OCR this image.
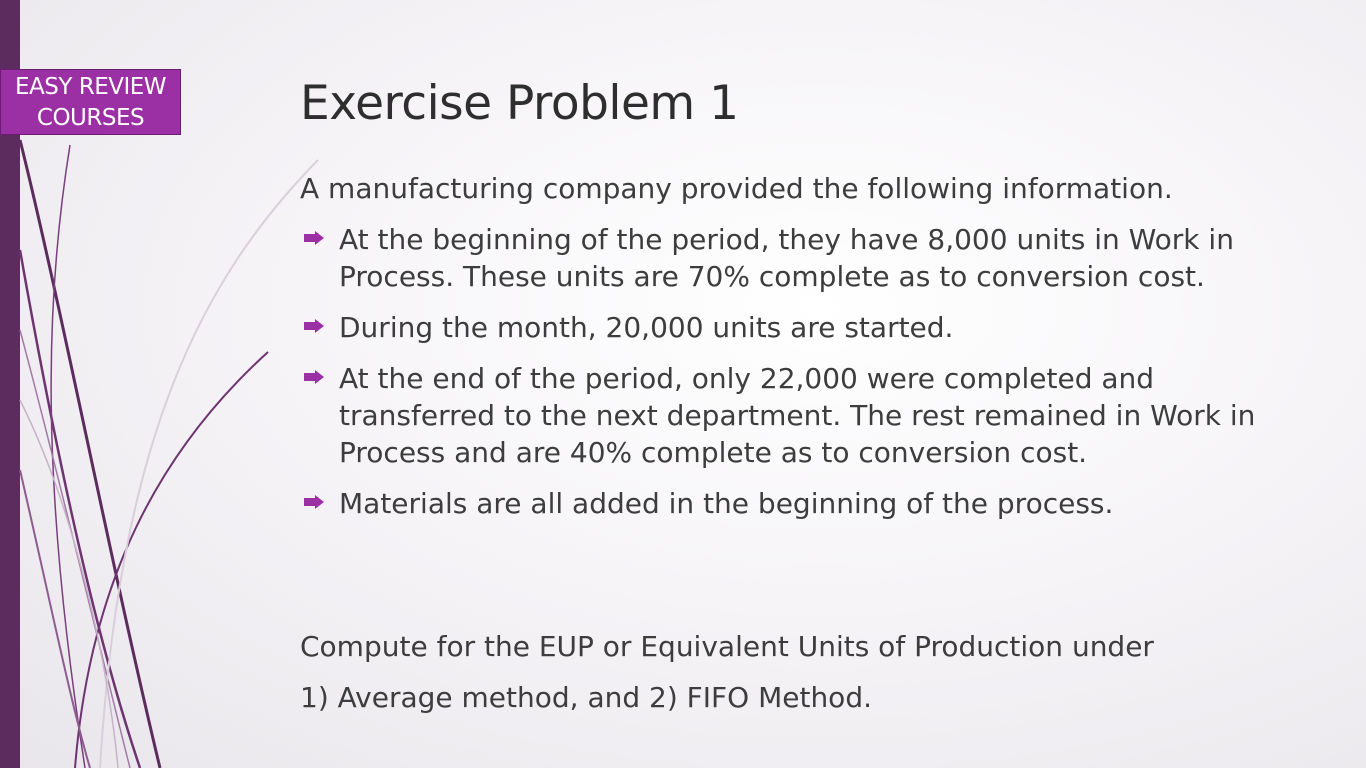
EASY REVIEW
COURSES	Exercise Problem 1

A manufacturing company provided the following information.

At the beginning of the period, they have 8,000 units in Work in Process. These units are 70% complete as to conversion cost.
During the month, 20,000 units are started.
At the end of the period, only 22,000 were completed and transferred to the next department. The rest remained in Work in Process and are 40% complete as to conversion cost.
Materials are all added in the beginning of the process.

Compute for the EUP or Equivalent Units of Production under

1) Average method, and 2) FIFO Method.
